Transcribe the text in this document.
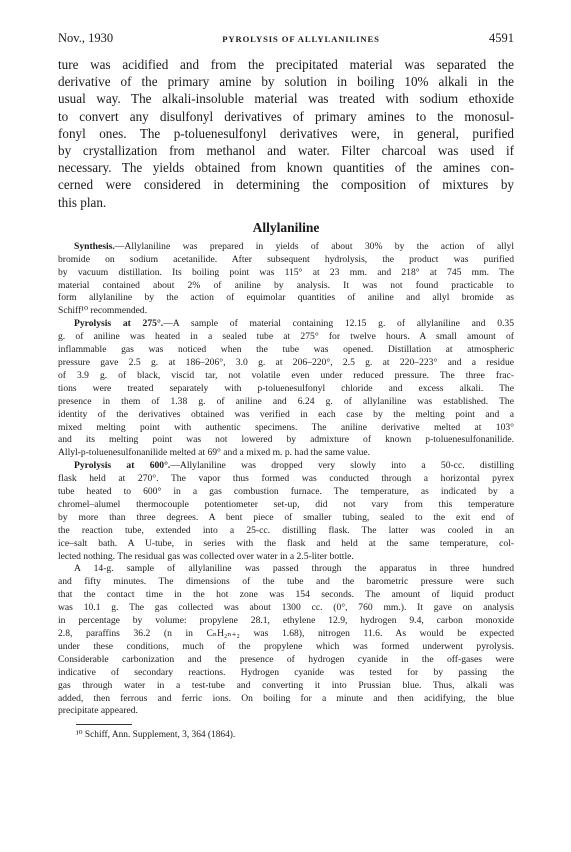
Nov., 1930	PYROLYSIS OF ALLYLANILINES	4591

ture was acidified and from the precipitated material was separated the

derivative of the primary amine by solution in boiling 10% alkali in the

usual way. The alkali-insoluble material was treated with sodium ethoxide

to convert any disulfonyl derivatives of primary amines to the monosul-

fonyl ones. The p-toluenesulfonyl derivatives were, in general, purified

by crystallization from methanol and water. Filter charcoal was used if

necessary. The yields obtained from known quantities of the amines con-

cerned were considered in determining the composition of mixtures by

this plan.

Allylaniline

Synthesis.—Allylaniline was prepared in yields of about 30% by the action of allyl

bromide on sodium acetanilide. After subsequent hydrolysis, the product was purified

by vacuum distillation. Its boiling point was 115° at 23 mm. and 218° at 745 mm. The

material contained about 2% of aniline by analysis. It was not found practicable to

form allylaniline by the action of equimolar quantities of aniline and allyl bromide as

Schiff¹⁰ recommended.

Pyrolysis at 275°.—A sample of material containing 12.15 g. of allylaniline and 0.35

g. of aniline was heated in a sealed tube at 275° for twelve hours. A small amount of

inflammable gas was noticed when the tube was opened. Distillation at atmospheric

pressure gave 2.5 g. at 186–206°, 3.0 g. at 206–220°, 2.5 g. at 220–223° and a residue

of 3.9 g. of black, viscid tar, not volatile even under reduced pressure. The three frac-

tions were treated separately with p-toluenesulfonyl chloride and excess alkali. The

presence in them of 1.38 g. of aniline and 6.24 g. of allylaniline was established. The

identity of the derivatives obtained was verified in each case by the melting point and a

mixed melting point with authentic specimens. The aniline derivative melted at 103°

and its melting point was not lowered by admixture of known p-toluenesulfonanilide.

Allyl-p-toluenesulfonanilide melted at 69° and a mixed m. p. had the same value.

Pyrolysis at 600°.—Allylaniline was dropped very slowly into a 50-cc. distilling

flask held at 270°. The vapor thus formed was conducted through a horizontal pyrex

tube heated to 600° in a gas combustion furnace. The temperature, as indicated by a

chromel–alumel thermocouple potentiometer set-up, did not vary from this temperature

by more than three degrees. A bent piece of smaller tubing, sealed to the exit end of

the reaction tube, extended into a 25-cc. distilling flask. The latter was cooled in an

ice–salt bath. A U-tube, in series with the flask and held at the same temperature, col-

lected nothing. The residual gas was collected over water in a 2.5-liter bottle.

A 14-g. sample of allylaniline was passed through the apparatus in three hundred

and fifty minutes. The dimensions of the tube and the barometric pressure were such

that the contact time in the hot zone was 154 seconds. The amount of liquid product

was 10.1 g. The gas collected was about 1300 cc. (0°, 760 mm.). It gave on analysis

in percentage by volume: propylene 28.1, ethylene 12.9, hydrogen 9.4, carbon monoxide

2.8, paraffins 36.2 (n in CₙH₂ₙ₊₂ was 1.68), nitrogen 11.6. As would be expected

under these conditions, much of the propylene which was formed underwent pyrolysis.

Considerable carbonization and the presence of hydrogen cyanide in the off-gases were

indicative of secondary reactions. Hydrogen cyanide was tested for by passing the

gas through water in a test-tube and converting it into Prussian blue. Thus, alkali was

added, then ferrous and ferric ions. On boiling for a minute and then acidifying, the blue

precipitate appeared.

¹⁰ Schiff, Ann. Supplement, 3, 364 (1864).
